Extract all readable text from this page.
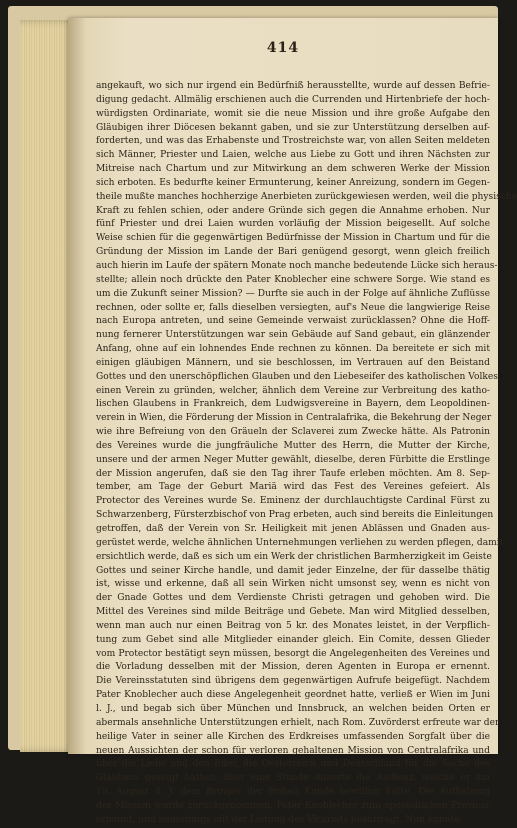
414
angekauft, wo sich nur irgend ein Bedürfniß herausstellte, wurde auf dessen Befrie-
digung gedacht. Allmälig erschienen auch die Currenden und Hirtenbriefe der hoch-
würdigsten Ordinariate, womit sie die neue Mission und ihre große Aufgabe den
Gläubigen ihrer Diöcesen bekannt gaben, und sie zur Unterstützung derselben auf-
forderten, und was das Erhabenste und Trostreichste war, von allen Seiten meldeten
sich Männer, Priester und Laien, welche aus Liebe zu Gott und ihren Nächsten zur
Mitreise nach Chartum und zur Mitwirkung an dem schweren Werke der Mission
sich erboten. Es bedurfte keiner Ermunterung, keiner Anreizung, sondern im Gegen-
theile mußte manches hochherzige Anerbieten zurückgewiesen werden, weil die physische
Kraft zu fehlen schien, oder andere Gründe sich gegen die Annahme erhoben. Nur
fünf Priester und drei Laien wurden vorläufig der Mission beigesellt. Auf solche
Weise schien für die gegenwärtigen Bedürfnisse der Mission in Chartum und für die
Gründung der Mission im Lande der Bari genügend gesorgt, wenn gleich freilich
auch hierin im Laufe der spätern Monate noch manche bedeutende Lücke sich heraus-
stellte; allein noch drückte den Pater Knoblecher eine schwere Sorge. Wie stand es
um die Zukunft seiner Mission? — Durfte sie auch in der Folge auf ähnliche Zuflüsse
rechnen, oder sollte er, falls dieselben versiegten, auf's Neue die langwierige Reise
nach Europa antreten, und seine Gemeinde verwaist zurücklassen? Ohne die Hoff-
nung fernerer Unterstützungen war sein Gebäude auf Sand gebaut, ein glänzender
Anfang, ohne auf ein lohnendes Ende rechnen zu können. Da bereitete er sich mit
einigen gläubigen Männern, und sie beschlossen, im Vertrauen auf den Beistand
Gottes und den unerschöpflichen Glauben und den Liebeseifer des katholischen Volkes,
einen Verein zu gründen, welcher, ähnlich dem Vereine zur Verbreitung des katho-
lischen Glaubens in Frankreich, dem Ludwigsvereine in Bayern, dem Leopoldinen-
verein in Wien, die Förderung der Mission in Centralafrika, die Bekehrung der Neger
wie ihre Befreiung von den Gräueln der Sclaverei zum Zwecke hätte. Als Patronin
des Vereines wurde die jungfräuliche Mutter des Herrn, die Mutter der Kirche,
unsere und der armen Neger Mutter gewählt, dieselbe, deren Fürbitte die Erstlinge
der Mission angerufen, daß sie den Tag ihrer Taufe erleben möchten. Am 8. Sep-
tember, am Tage der Geburt Mariä wird das Fest des Vereines gefeiert. Als
Protector des Vereines wurde Se. Eminenz der durchlauchtigste Cardinal Fürst zu
Schwarzenberg, Fürsterzbischof von Prag erbeten, auch sind bereits die Einleitungen
getroffen, daß der Verein von Sr. Heiligkeit mit jenen Ablässen und Gnaden aus-
gerüstet werde, welche ähnlichen Unternehmungen verliehen zu werden pflegen, damit
ersichtlich werde, daß es sich um ein Werk der christlichen Barmherzigkeit im Geiste
Gottes und seiner Kirche handle, und damit jeder Einzelne, der für dasselbe thätig
ist, wisse und erkenne, daß all sein Wirken nicht umsonst sey, wenn es nicht von
der Gnade Gottes und dem Verdienste Christi getragen und gehoben wird. Die
Mittel des Vereines sind milde Beiträge und Gebete. Man wird Mitglied desselben,
wenn man auch nur einen Beitrag von 5 kr. des Monates leistet, in der Verpflich-
tung zum Gebet sind alle Mitglieder einander gleich. Ein Comite, dessen Glieder
vom Protector bestätigt seyn müssen, besorgt die Angelegenheiten des Vereines und
die Vorladung desselben mit der Mission, deren Agenten in Europa er ernennt.
Die Vereinsstatuten sind übrigens dem gegenwärtigen Aufrufe beigefügt. Nachdem
Pater Knoblecher auch diese Angelegenheit geordnet hatte, verließ er Wien im Juni
l. J., und begab sich über München und Innsbruck, an welchen beiden Orten er
abermals ansehnliche Unterstützungen erhielt, nach Rom. Zuvörderst erfreute war der
heilige Vater in seiner alle Kirchen des Erdkreises umfassenden Sorgfalt über die
neuen Aussichten der schon für verloren gehaltenen Mission von Centralafrika und
über die Liebe und den Eifer, die Oesterreich und Deutschland für die Sache des
Glaubens gezeigt hatten; über eine Stunde dauerte die Audienz, welche er am
10. August d. J. dem Bringer der frohen Kunde bewilligt hatte. Die Aufhebung
der Mission wurde zurückgenommen, Pater Knoblecher zum apostolischen Provicar
ernannt, und neuerdings mit der Leitung des Vicariats beauftragt. Nun konnte
